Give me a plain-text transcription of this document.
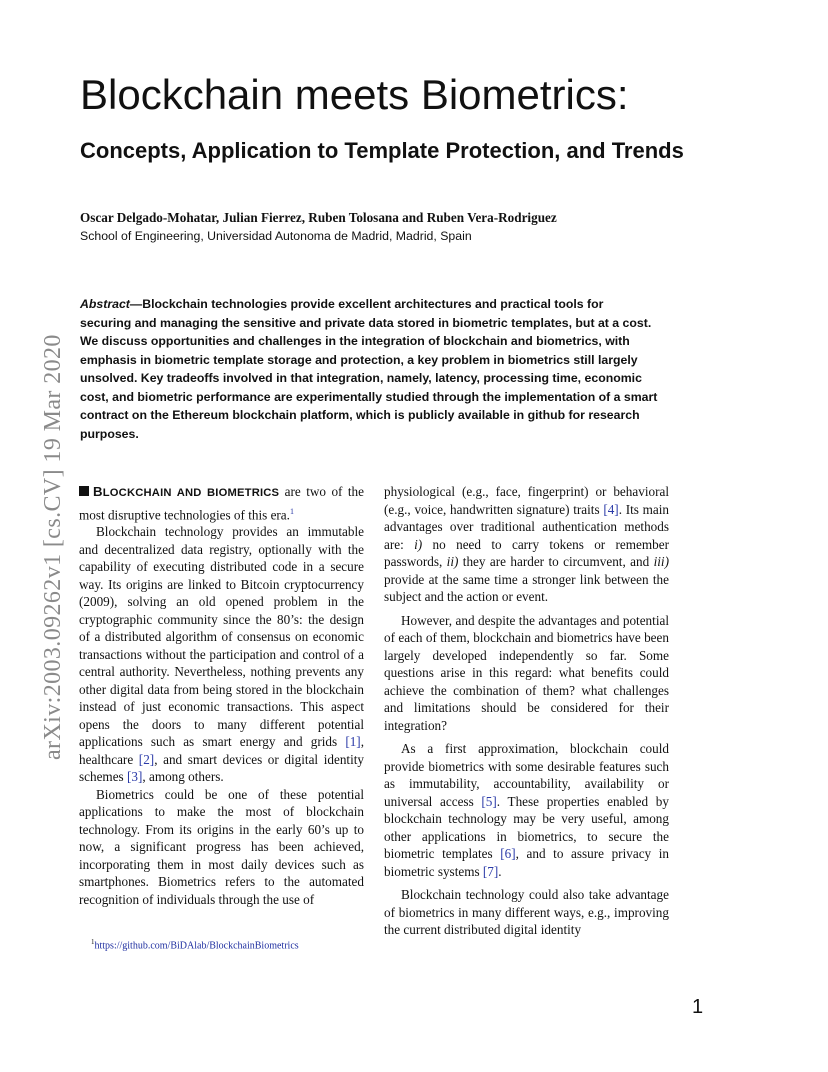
arXiv:2003.09262v1 [cs.CV] 19 Mar 2020
Blockchain meets Biometrics:
Concepts, Application to Template Protection, and Trends

Oscar Delgado-Mohatar, Julian Fierrez, Ruben Tolosana and Ruben Vera-Rodriguez

School of Engineering, Universidad Autonoma de Madrid, Madrid, Spain

Abstract—Blockchain technologies provide excellent architectures and practical tools for securing and managing the sensitive and private data stored in biometric templates, but at a cost. We discuss opportunities and challenges in the integration of blockchain and biometrics, with emphasis in biometric template storage and protection, a key problem in biometrics still largely unsolved. Key tradeoffs involved in that integration, namely, latency, processing time, economic cost, and biometric performance are experimentally studied through the implementation of a smart contract on the Ethereum blockchain platform, which is publicly available in github for research purposes.

BLOCKCHAIN AND BIOMETRICS are two of the most disruptive technologies of this era.$^1$

Blockchain technology provides an immutable and decentralized data registry, optionally with the capability of executing distributed code in a secure way. Its origins are linked to Bitcoin cryptocurrency (2009), solving an old opened problem in the cryptographic community since the 80’s: the design of a distributed algorithm of consensus on economic transactions without the participation and control of a central authority. Nevertheless, nothing prevents any other digital data from being stored in the blockchain instead of just economic transactions. This aspect opens the doors to many different potential applications such as smart energy and grids [1], healthcare [2], and smart devices or digital identity schemes [3], among others.

Biometrics could be one of these potential applications to make the most of blockchain technology. From its origins in the early 60’s up to now, a significant progress has been achieved, incorporating them in most daily devices such as smartphones. Biometrics refers to the automated recognition of individuals through the use of

physiological (e.g., face, fingerprint) or behavioral (e.g., voice, handwritten signature) traits [4]. Its main advantages over traditional authentication methods are: i) no need to carry tokens or remember passwords, ii) they are harder to circumvent, and iii) provide at the same time a stronger link between the subject and the action or event.

However, and despite the advantages and potential of each of them, blockchain and biometrics have been largely developed independently so far. Some questions arise in this regard: what benefits could achieve the combination of them? what challenges and limitations should be considered for their integration?

As a first approximation, blockchain could provide biometrics with some desirable features such as immutability, accountability, availability or universal access [5]. These properties enabled by blockchain technology may be very useful, among other applications in biometrics, to secure the biometric templates [6], and to assure privacy in biometric systems [7].

Blockchain technology could also take advantage of biometrics in many different ways, e.g., improving the current distributed digital identity

$^1$https://github.com/BiDAlab/BlockchainBiometrics
1
